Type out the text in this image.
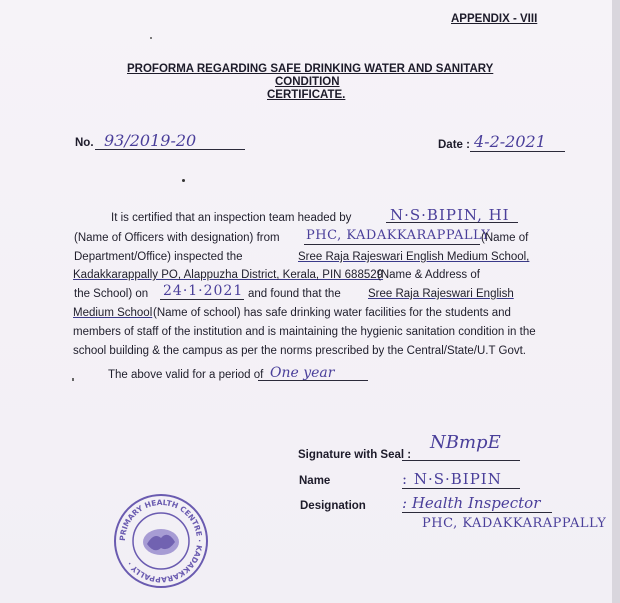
APPENDIX - VIII
PROFORMA REGARDING SAFE DRINKING WATER AND SANITARY
CONDITION
CERTIFICATE.
No. 93/2019-20	Date : 4-2-2021
It is certified that an inspection team headed by	N·S·BIPIN, HI
(Name of Officers with designation) from PHC, KADAKKARAPPALLY
(Name of
Department/Office) inspected the	Sree Raja Rajeswari English Medium School,
Kadakkarappally PO, Alappuzha District, Kerala, PIN 688529
(Name & Address of
the School) on 24·1·2021 and found that the Sree Raja Rajeswari English
Medium School (Name of school) has safe drinking water facilities for the students and
members of staff of the institution and is maintaining the hygienic sanitation condition in the
school building & the campus as per the norms prescribed by the Central/State/U.T Govt.
The above valid for a period of One year
Signature with Seal :
NBmpE
Name	: N·S·BIPIN
Designation : Health Inspector
PHC, KADAKKARAPPALLY
PRIMARY HEALTH CENTRE · KADAKKARAPPALLY ·
